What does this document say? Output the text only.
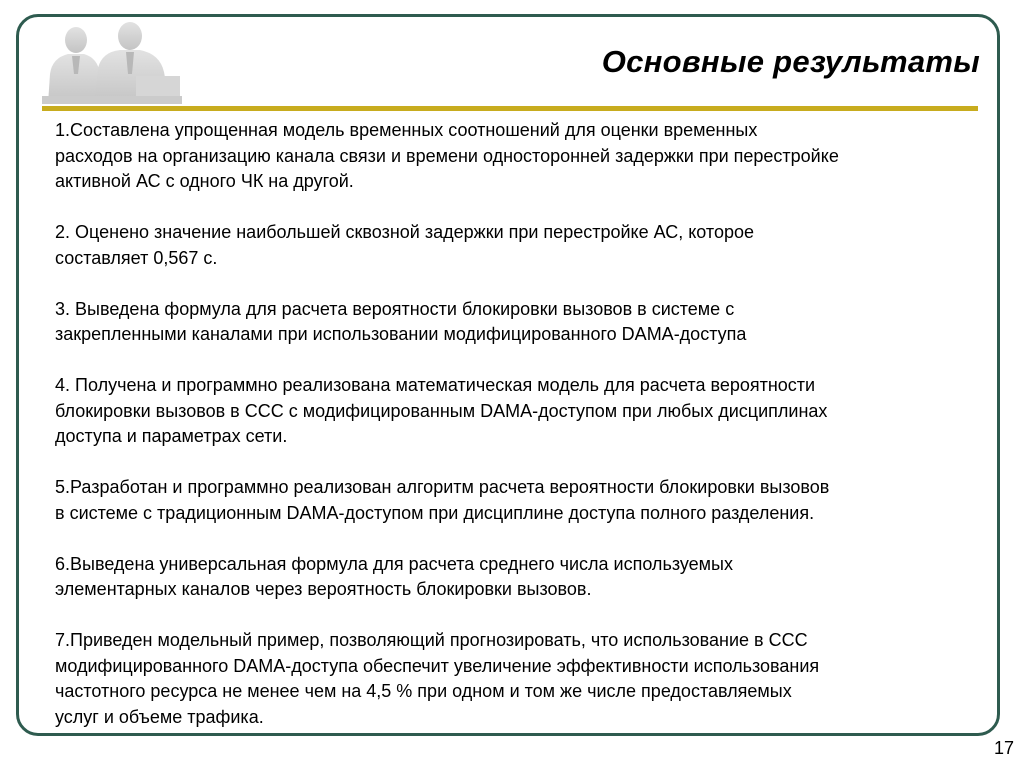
Основные результаты
1.Составлена упрощенная модель временных соотношений для оценки временных
расходов на организацию канала связи и времени односторонней задержки при перестройке
активной АС с одного ЧК на другой.
2. Оценено значение наибольшей сквозной задержки при перестройке АС, которое
составляет 0,567 с.
3. Выведена формула для расчета вероятности блокировки вызовов в системе с
закрепленными каналами при использовании модифицированного DAMA-доступа
4. Получена и программно реализована математическая модель для расчета вероятности
блокировки вызовов в ССС с модифицированным DAMA-доступом при любых дисциплинах
доступа и параметрах сети.
5.Разработан и программно реализован алгоритм расчета вероятности блокировки вызовов
в системе с традиционным DAMA-доступом при дисциплине доступа полного разделения.
6.Выведена универсальная формула для расчета среднего числа используемых
элементарных каналов через вероятность блокировки вызовов.
7.Приведен модельный пример, позволяющий прогнозировать, что использование в ССС
модифицированного DAMA-доступа обеспечит увеличение эффективности использования
частотного ресурса не менее чем на 4,5 % при одном и том же числе предоставляемых
услуг и объеме трафика.
17
